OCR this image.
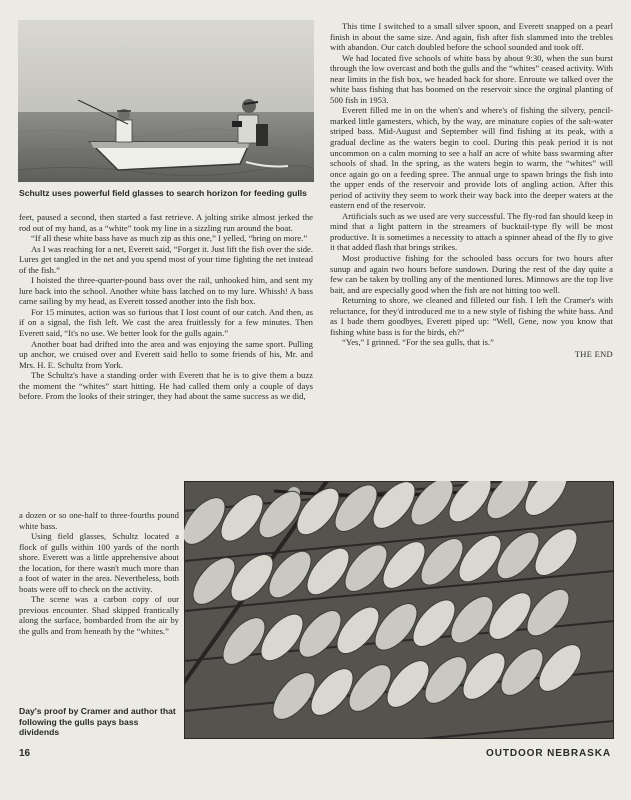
Schultz uses powerful field glasses to search horizon for feeding gulls

feet, paused a second, then started a fast retrieve. A jolting strike almost jerked the rod out of my hand, as a “white” took my line in a sizzling run around the boat.

“If all these white bass have as much zip as this one,” I yelled, “bring on more.”

As I was reaching for a net, Everett said, “Forget it. Just lift the fish over the side. Lures get tangled in the net and you spend most of your time fighting the net instead of the fish.”

I hoisted the three-quarter-pound bass over the rail, unhooked him, and sent my lure back into the school. Another white bass latched on to my lure. Whissh! A bass came sailing by my head, as Everett tossed another into the fish box.

For 15 minutes, action was so furious that I lost count of our catch. And then, as if on a signal, the fish left. We cast the area fruitlessly for a few minutes. Then Everett said, “It's no use. We better look for the gulls again.”

Another boat had drifted into the area and was enjoying the same sport. Pulling up anchor, we cruised over and Everett said hello to some friends of his, Mr. and Mrs. H. E. Schultz from York.

The Schultz's have a standing order with Everett that he is to give them a buzz the moment the “whites” start hitting. He had called them only a couple of days before. From the looks of their stringer, they had about the same success as we did,

a dozen or so one-half to three-fourths pound white bass.

Using field glasses, Schultz located a flock of gulls within 100 yards of the north shore. Everett was a little apprehensive about the location, for there wasn't much more than a foot of water in the area. Nevertheless, both boats were off to check on the activity.

The scene was a carbon copy of our previous encounter. Shad skipped frantically along the surface, bombarded from the air by the gulls and from beneath by the “whites.”

Day's proof by Cramer and author that following the gulls pays bass dividends

This time I switched to a small silver spoon, and Everett snapped on a pearl finish in about the same size. And again, fish after fish slammed into the trebles with abandon. Our catch doubled before the school sounded and took off.

We had located five schools of white bass by about 9:30, when the sun burst through the low overcast and both the gulls and the “whites” ceased activity. With near limits in the fish box, we headed back for shore. Enroute we talked over the white bass fishing that has boomed on the reservoir since the orginal planting of 500 fish in 1953.

Everett filled me in on the when's and where's of fishing the silvery, pencil-marked little gamesters, which, by the way, are minature copies of the salt-water striped bass. Mid-August and September will find fishing at its peak, with a gradual decline as the waters begin to cool. During this peak period it is not uncommon on a calm morning to see a half an acre of white bass swarming after schools of shad. In the spring, as the waters begin to warm, the “whites” will once again go on a feeding spree. The annual urge to spawn brings the fish into the upper ends of the reservoir and provide lots of angling action. After this period of activity they seem to work their way back into the deeper waters at the eastern end of the reservoir.

Artificials such as we used are very successful. The fly-rod fan should keep in mind that a light pattern in the streamers of bucktail-type fly will be most productive. It is sometimes a necessity to attach a spinner ahead of the fly to give it that added flash that brings strikes.

Most productive fishing for the schooled bass occurs for two hours after sunup and again two hours before sundown. During the rest of the day quite a few can be taken by trolling any of the mentioned lures. Minnows are the top live bait, and are especially good when the fish are not hitting too well.

Returning to shore, we cleaned and filleted our fish. I left the Cramer's with reluctance, for they'd introduced me to a new style of fishing the white bass. And as I bade them goodbyes, Everett piped up: “Well, Gene, now you know that fishing white bass is for the birds, eh?”

“Yes,” I grinned. “For the sea gulls, that is.”

THE END
16	OUTDOOR NEBRASKA
